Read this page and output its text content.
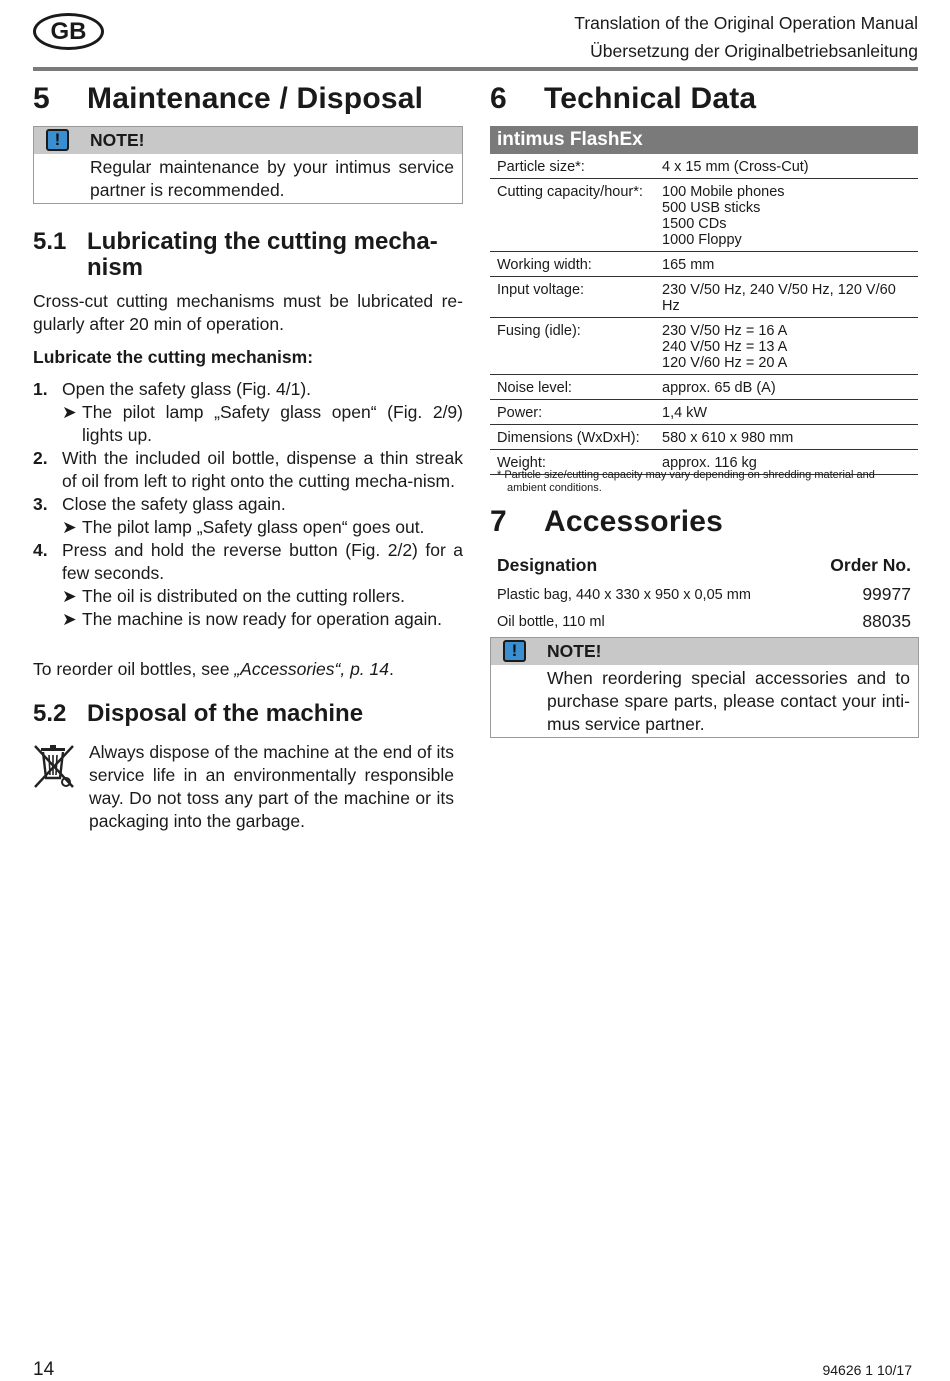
GB	Translation of the Original Operation Manual
Übersetzung der Originalbetriebsanleitung
5 Maintenance / Disposal
!	NOTE!
Regular maintenance by your intimus service partner is recommended.
5.1 Lubricating the cutting mecha-
nism
Cross-cut cutting mechanisms must be lubricated re-gularly after 20 min of operation.
Lubricate the cutting mechanism:
1. Open the safety glass (Fig. 4/1).
➤ The pilot lamp „Safety glass open“ (Fig. 2/9) lights up.
2. With the included oil bottle, dispense a thin streak of oil from left to right onto the cutting mecha-nism.
3. Close the safety glass again.
➤ The pilot lamp „Safety glass open“ goes out.
4. Press and hold the reverse button (Fig. 2/2) for a few seconds.
➤ The oil is distributed on the cutting rollers.
➤ The machine is now ready for operation again.
To reorder oil bottles, see „Accessories“, p. 14.
5.2 Disposal of the machine
Always dispose of the machine at the end of its service life in an environmentally responsible way. Do not toss any part of the machine or its packaging into the garbage.
6 Technical Data
intimus FlashEx	
Particle size*:	4 x 15 mm (Cross-Cut)

Cutting capacity/hour*:	100 Mobile phones
500 USB sticks
1500 CDs
1000 Floppy

Working width:	165 mm

Input voltage:	230 V/50 Hz, 240 V/50 Hz, 120 V/60 Hz

Fusing (idle):	230 V/50 Hz = 16 A
240 V/50 Hz = 13 A
120 V/60 Hz = 20 A

Noise level:	approx. 65 dB (A)

Power:	1,4 kW

Dimensions (WxDxH):	580 x 610 x 980 mm

Weight:	approx. 116 kg
* Particle size/cutting capacity may vary depending on shredding material and
ambient conditions.
7 Accessories
Designation	Order No.
Plastic bag, 440 x 330 x 950 x 0,05 mm	99977
Oil bottle, 110 ml	88035
!	NOTE!
When reordering special accessories and to purchase spare parts, please contact your inti-mus service partner.
14	94626 1 10/17
